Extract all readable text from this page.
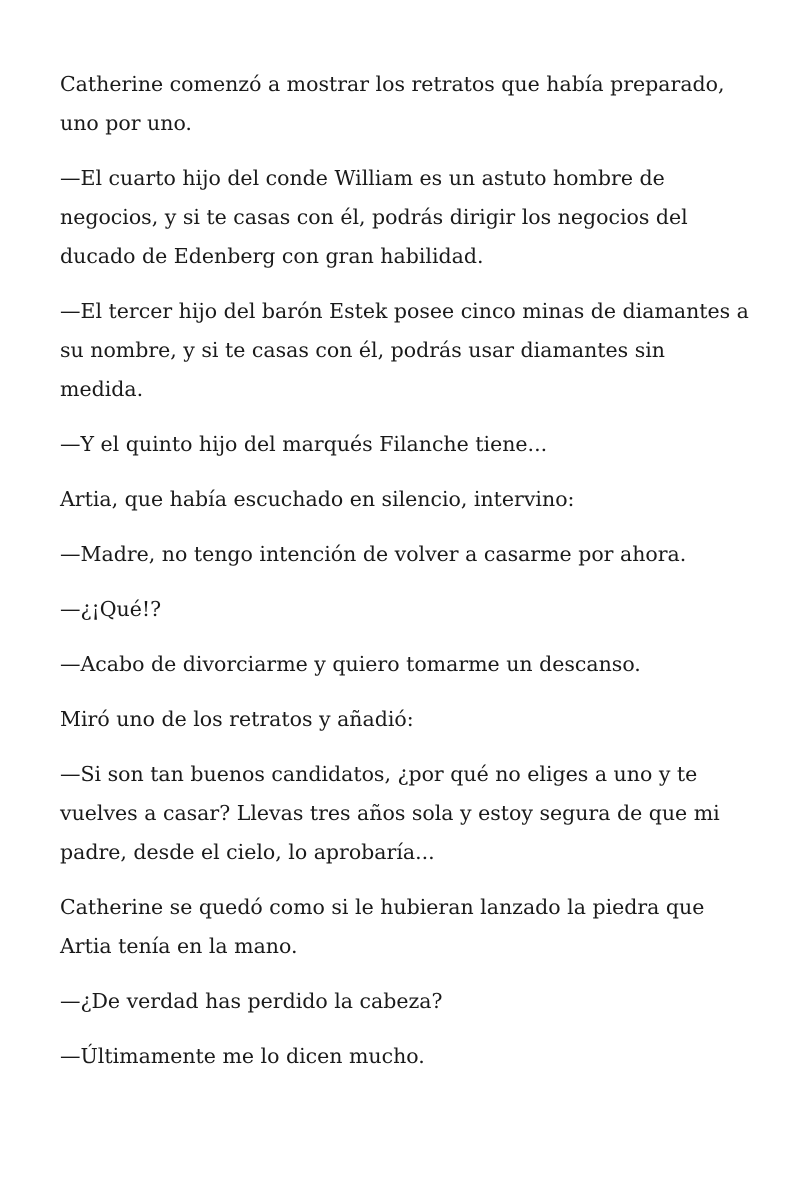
Catherine comenzó a mostrar los retratos que había preparado, uno por uno.

—El cuarto hijo del conde William es un astuto hombre de negocios, y si te casas con él, podrás dirigir los negocios del ducado de Edenberg con gran habilidad.

—El tercer hijo del barón Estek posee cinco minas de diamantes a su nombre, y si te casas con él, podrás usar diamantes sin medida.

—Y el quinto hijo del marqués Filanche tiene...

Artia, que había escuchado en silencio, intervino:

—Madre, no tengo intención de volver a casarme por ahora.

—¿¡Qué!?

—Acabo de divorciarme y quiero tomarme un descanso.

Miró uno de los retratos y añadió:

—Si son tan buenos candidatos, ¿por qué no eliges a uno y te vuelves a casar? Llevas tres años sola y estoy segura de que mi padre, desde el cielo, lo aprobaría...

Catherine se quedó como si le hubieran lanzado la piedra que Artia tenía en la mano.

—¿De verdad has perdido la cabeza?

—Últimamente me lo dicen mucho.
